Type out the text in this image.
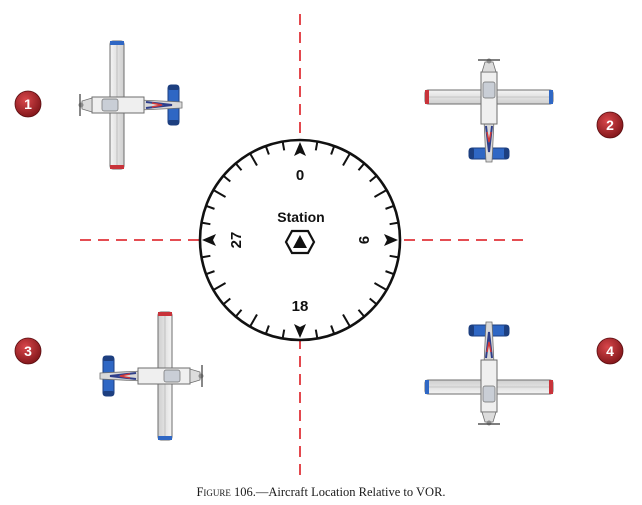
0
18
9
27
Station
1
2
3	4
Figure 106.—Aircraft Location Relative to VOR.
